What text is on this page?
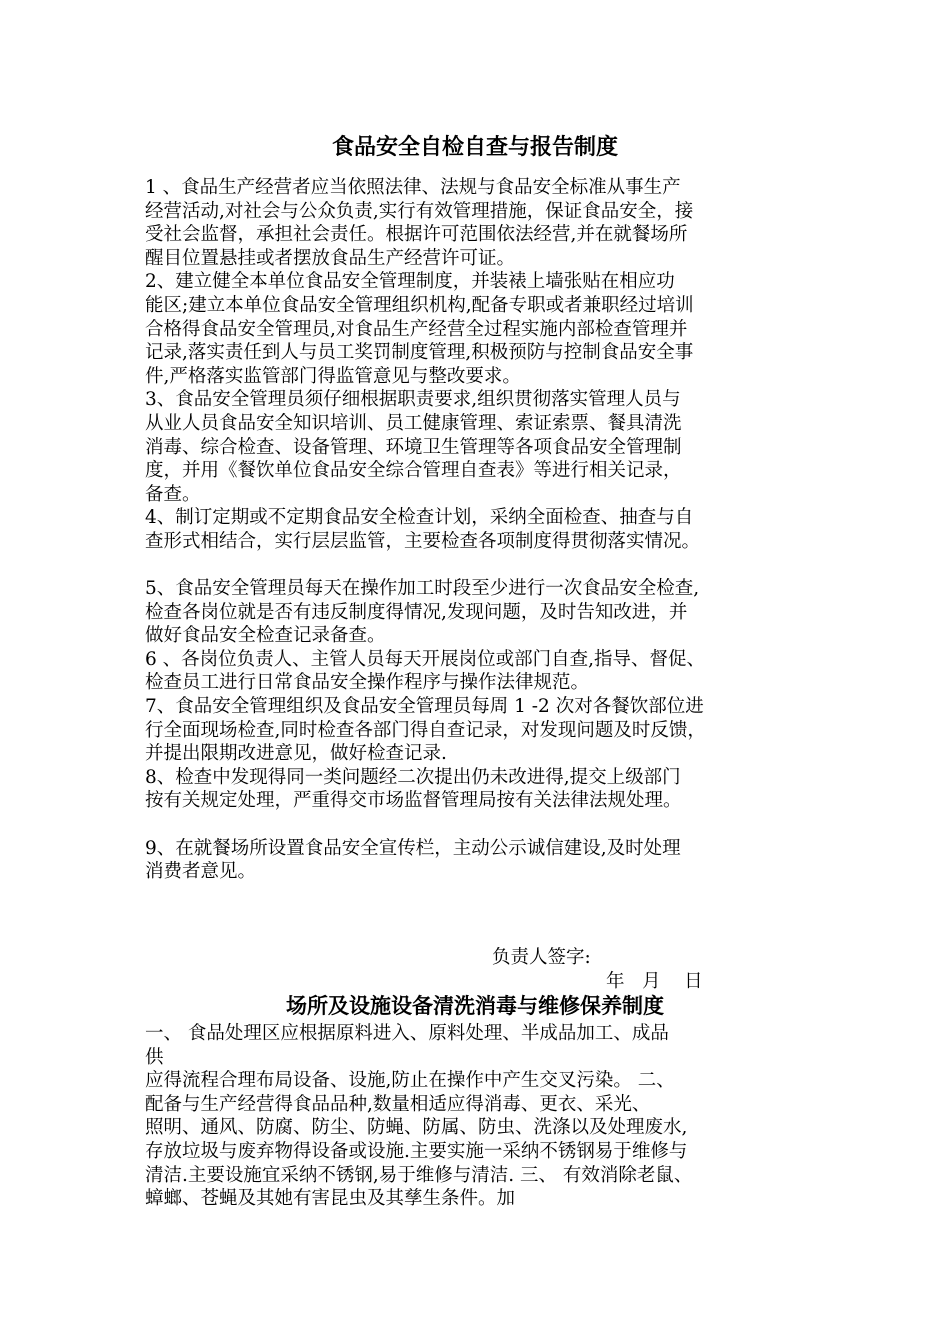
食品安全自检自查与报告制度

1 、食品生产经营者应当依照法律、法规与食品安全标准从事生产

经营活动,对社会与公众负责,实行有效管理措施，保证食品安全，接

受社会监督，承担社会责任。根据许可范围依法经营,并在就餐场所

醒目位置悬挂或者摆放食品生产经营许可证。

2、建立健全本单位食品安全管理制度，并装裱上墙张贴在相应功

能区;建立本单位食品安全管理组织机构,配备专职或者兼职经过培训

合格得食品安全管理员,对食品生产经营全过程实施内部检查管理并

记录,落实责任到人与员工奖罚制度管理,积极预防与控制食品安全事

件,严格落实监管部门得监管意见与整改要求。

3、食品安全管理员须仔细根据职责要求,组织贯彻落实管理人员与

从业人员食品安全知识培训、员工健康管理、索证索票、餐具清洗

消毒、综合检查、设备管理、环境卫生管理等各项食品安全管理制

度，并用《餐饮单位食品安全综合管理自查表》等进行相关记录，

备查。

4、制订定期或不定期食品安全检查计划，采纳全面检查、抽查与自

查形式相结合，实行层层监管，主要检查各项制度得贯彻落实情况。

5、食品安全管理员每天在操作加工时段至少进行一次食品安全检查,

检查各岗位就是否有违反制度得情况,发现问题，及时告知改进，并

做好食品安全检查记录备查。

6 、各岗位负责人、主管人员每天开展岗位或部门自查,指导、督促、

检查员工进行日常食品安全操作程序与操作法律规范。

7、食品安全管理组织及食品安全管理员每周 1 -2 次对各餐饮部位进

行全面现场检查,同时检查各部门得自查记录，对发现问题及时反馈，

并提出限期改进意见，做好检查记录.

8、检查中发现得同一类问题经二次提出仍未改进得,提交上级部门

按有关规定处理，严重得交市场监督管理局按有关法律法规处理。

9、在就餐场所设置食品安全宣传栏，主动公示诚信建设,及时处理

消费者意见。

负责人签字:
年   月    日
场所及设施设备清洗消毒与维修保养制度

一、 食品处理区应根据原料进入、原料处理、半成品加工、成品

供

应得流程合理布局设备、设施,防止在操作中产生交叉污染。 二、

配备与生产经营得食品品种,数量相适应得消毒、更衣、采光、

照明、通风、防腐、防尘、防蝇、防属、防虫、洗涤以及处理废水,

存放垃圾与废弃物得设备或设施.主要实施一采纳不锈钢易于维修与

清洁.主要设施宜采纳不锈钢,易于维修与清洁. 三、 有效消除老鼠、

蟑螂、苍蝇及其她有害昆虫及其孳生条件。加
